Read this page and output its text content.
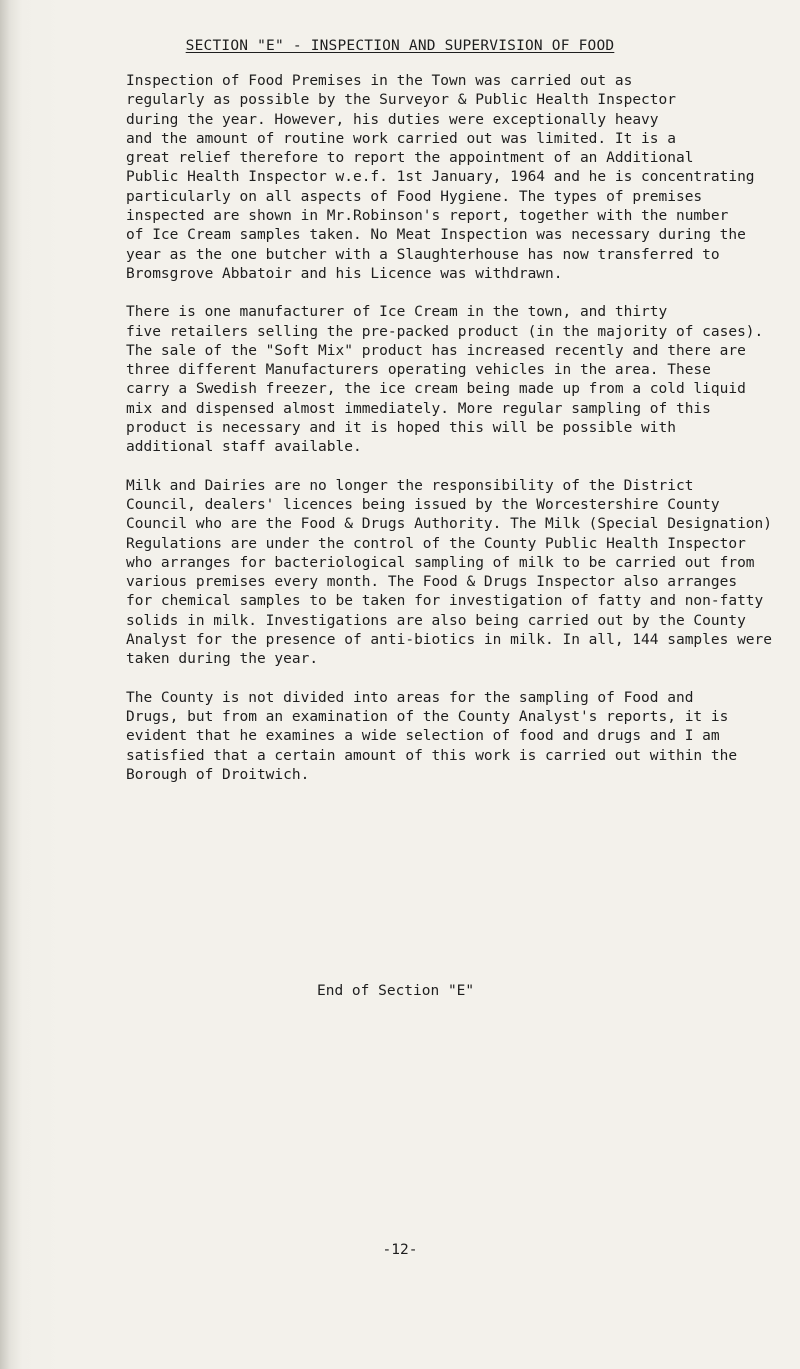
SECTION "E" - INSPECTION AND SUPERVISION OF FOOD

Inspection of Food Premises in the Town was carried out as
regularly as possible by the Surveyor & Public Health Inspector
during the year. However, his duties were exceptionally heavy
and the amount of routine work carried out was limited. It is a
great relief therefore to report the appointment of an Additional
Public Health Inspector w.e.f. 1st January, 1964 and he is concentrating
particularly on all aspects of Food Hygiene. The types of premises
inspected are shown in Mr.Robinson's report, together with the number
of Ice Cream samples taken. No Meat Inspection was necessary during the
year as the one butcher with a Slaughterhouse has now transferred to
Bromsgrove Abbatoir and his Licence was withdrawn.

There is one manufacturer of Ice Cream in the town, and thirty
five retailers selling the pre-packed product (in the majority of cases).
The sale of the "Soft Mix" product has increased recently and there are
three different Manufacturers operating vehicles in the area. These
carry a Swedish freezer, the ice cream being made up from a cold liquid
mix and dispensed almost immediately. More regular sampling of this
product is necessary and it is hoped this will be possible with
additional staff available.

Milk and Dairies are no longer the responsibility of the District
Council, dealers' licences being issued by the Worcestershire County
Council who are the Food & Drugs Authority. The Milk (Special Designation)
Regulations are under the control of the County Public Health Inspector
who arranges for bacteriological sampling of milk to be carried out from
various premises every month. The Food & Drugs Inspector also arranges
for chemical samples to be taken for investigation of fatty and non-fatty
solids in milk. Investigations are also being carried out by the County
Analyst for the presence of anti-biotics in milk. In all, 144 samples were
taken during the year.

The County is not divided into areas for the sampling of Food and
Drugs, but from an examination of the County Analyst's reports, it is
evident that he examines a wide selection of food and drugs and I am
satisfied that a certain amount of this work is carried out within the
Borough of Droitwich.

End of Section "E"
-12-
